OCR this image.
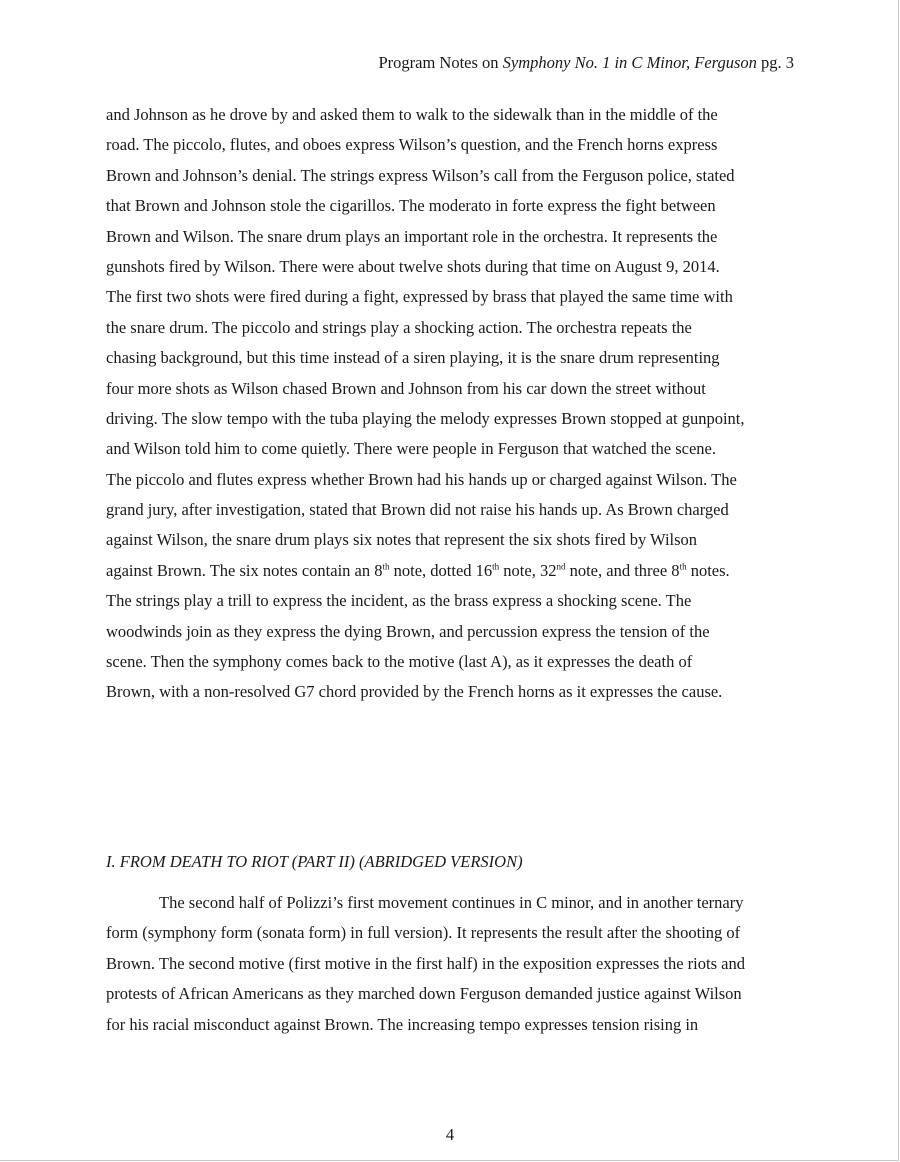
Program Notes on Symphony No. 1 in C Minor, Ferguson pg. 3
and Johnson as he drove by and asked them to walk to the sidewalk than in the middle of the
road. The piccolo, flutes, and oboes express Wilson’s question, and the French horns express
Brown and Johnson’s denial. The strings express Wilson’s call from the Ferguson police, stated
that Brown and Johnson stole the cigarillos. The moderato in forte express the fight between
Brown and Wilson. The snare drum plays an important role in the orchestra. It represents the
gunshots fired by Wilson. There were about twelve shots during that time on August 9, 2014.
The first two shots were fired during a fight, expressed by brass that played the same time with
the snare drum. The piccolo and strings play a shocking action. The orchestra repeats the
chasing background, but this time instead of a siren playing, it is the snare drum representing
four more shots as Wilson chased Brown and Johnson from his car down the street without
driving. The slow tempo with the tuba playing the melody expresses Brown stopped at gunpoint,
and Wilson told him to come quietly. There were people in Ferguson that watched the scene.
The piccolo and flutes express whether Brown had his hands up or charged against Wilson. The
grand jury, after investigation, stated that Brown did not raise his hands up. As Brown charged
against Wilson, the snare drum plays six notes that represent the six shots fired by Wilson
against Brown. The six notes contain an 8th note, dotted 16th note, 32nd note, and three 8th notes.
The strings play a trill to express the incident, as the brass express a shocking scene. The
woodwinds join as they express the dying Brown, and percussion express the tension of the
scene. Then the symphony comes back to the motive (last A), as it expresses the death of
Brown, with a non-resolved G7 chord provided by the French horns as it expresses the cause.
I. FROM DEATH TO RIOT (PART II) (ABRIDGED VERSION)
The second half of Polizzi’s first movement continues in C minor, and in another ternary
form (symphony form (sonata form) in full version). It represents the result after the shooting of
Brown. The second motive (first motive in the first half) in the exposition expresses the riots and
protests of African Americans as they marched down Ferguson demanded justice against Wilson
for his racial misconduct against Brown. The increasing tempo expresses tension rising in
4
